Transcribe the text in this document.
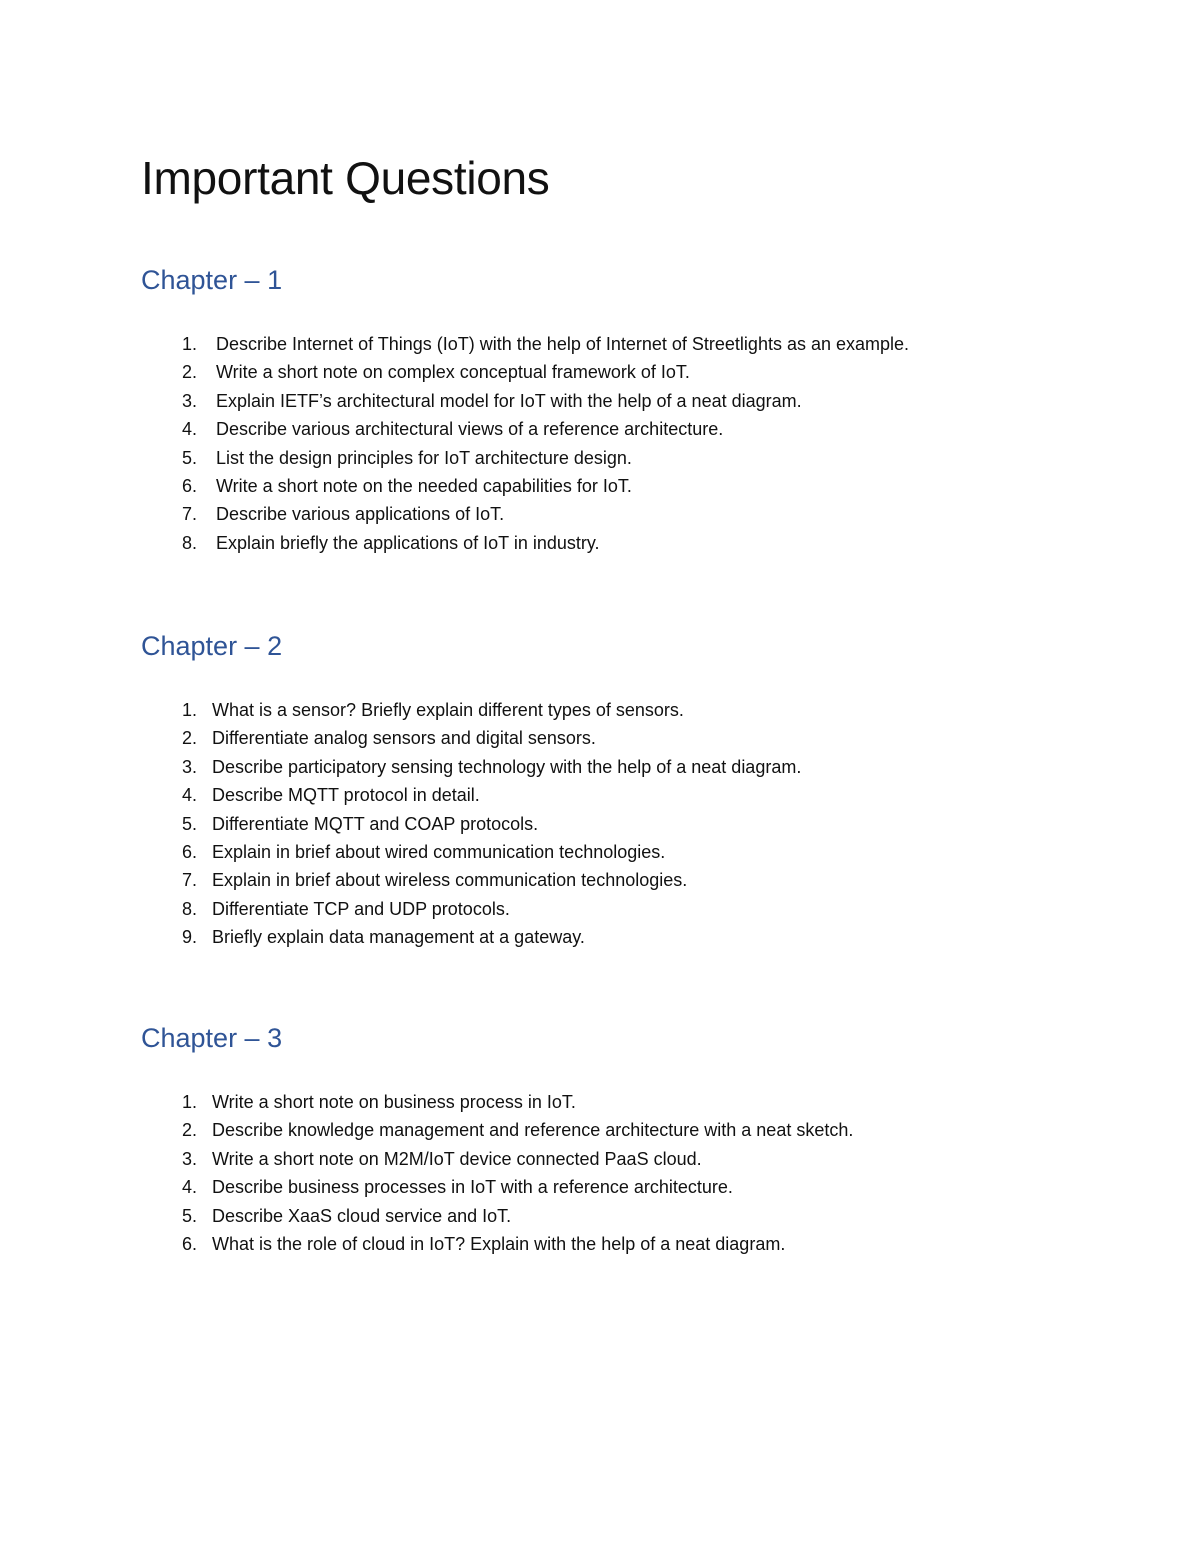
Important Questions
Chapter – 1
1. Describe Internet of Things (IoT) with the help of Internet of Streetlights as an example.
2. Write a short note on complex conceptual framework of IoT.
3. Explain IETF’s architectural model for IoT with the help of a neat diagram.
4. Describe various architectural views of a reference architecture.
5. List the design principles for IoT architecture design.
6. Write a short note on the needed capabilities for IoT.
7. Describe various applications of IoT.
8. Explain briefly the applications of IoT in industry.
Chapter – 2
1. What is a sensor? Briefly explain different types of sensors.
2. Differentiate analog sensors and digital sensors.
3. Describe participatory sensing technology with the help of a neat diagram.
4. Describe MQTT protocol in detail.
5. Differentiate MQTT and COAP protocols.
6. Explain in brief about wired communication technologies.
7. Explain in brief about wireless communication technologies.
8. Differentiate TCP and UDP protocols.
9. Briefly explain data management at a gateway.
Chapter – 3
1. Write a short note on business process in IoT.
2. Describe knowledge management and reference architecture with a neat sketch.
3. Write a short note on M2M/IoT device connected PaaS cloud.
4. Describe business processes in IoT with a reference architecture.
5. Describe XaaS cloud service and IoT.
6. What is the role of cloud in IoT? Explain with the help of a neat diagram.
